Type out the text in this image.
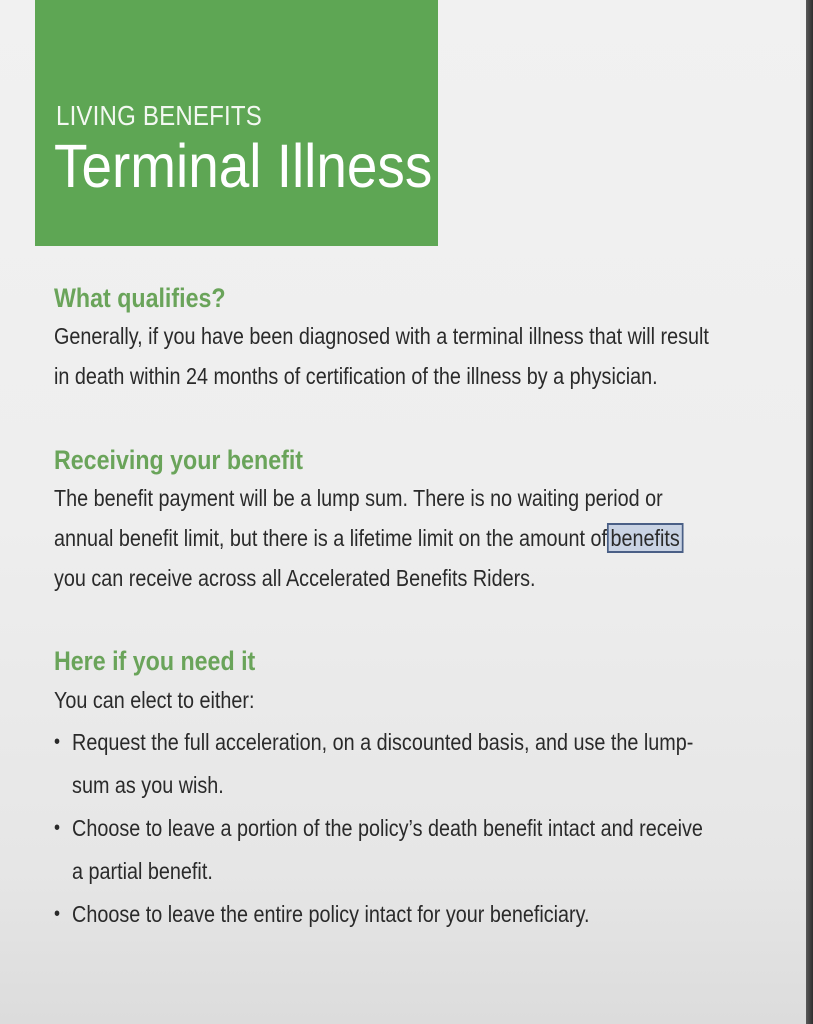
LIVING BENEFITS
Terminal Illness
What qualifies?

Generally, if you have been diagnosed with a terminal illness that will result
in death within 24 months of certification of the illness by a physician.

Receiving your benefit

The benefit payment will be a lump sum. There is no waiting period or
annual benefit limit, but there is a lifetime limit on the amount of benefits
you can receive across all Accelerated Benefits Riders.

Here if you need it

You can elect to either:

• Request the full acceleration, on a discounted basis, and use the lump-
sum as you wish.
• Choose to leave a portion of the policy’s death benefit intact and receive
a partial benefit.
• Choose to leave the entire policy intact for your beneficiary.
